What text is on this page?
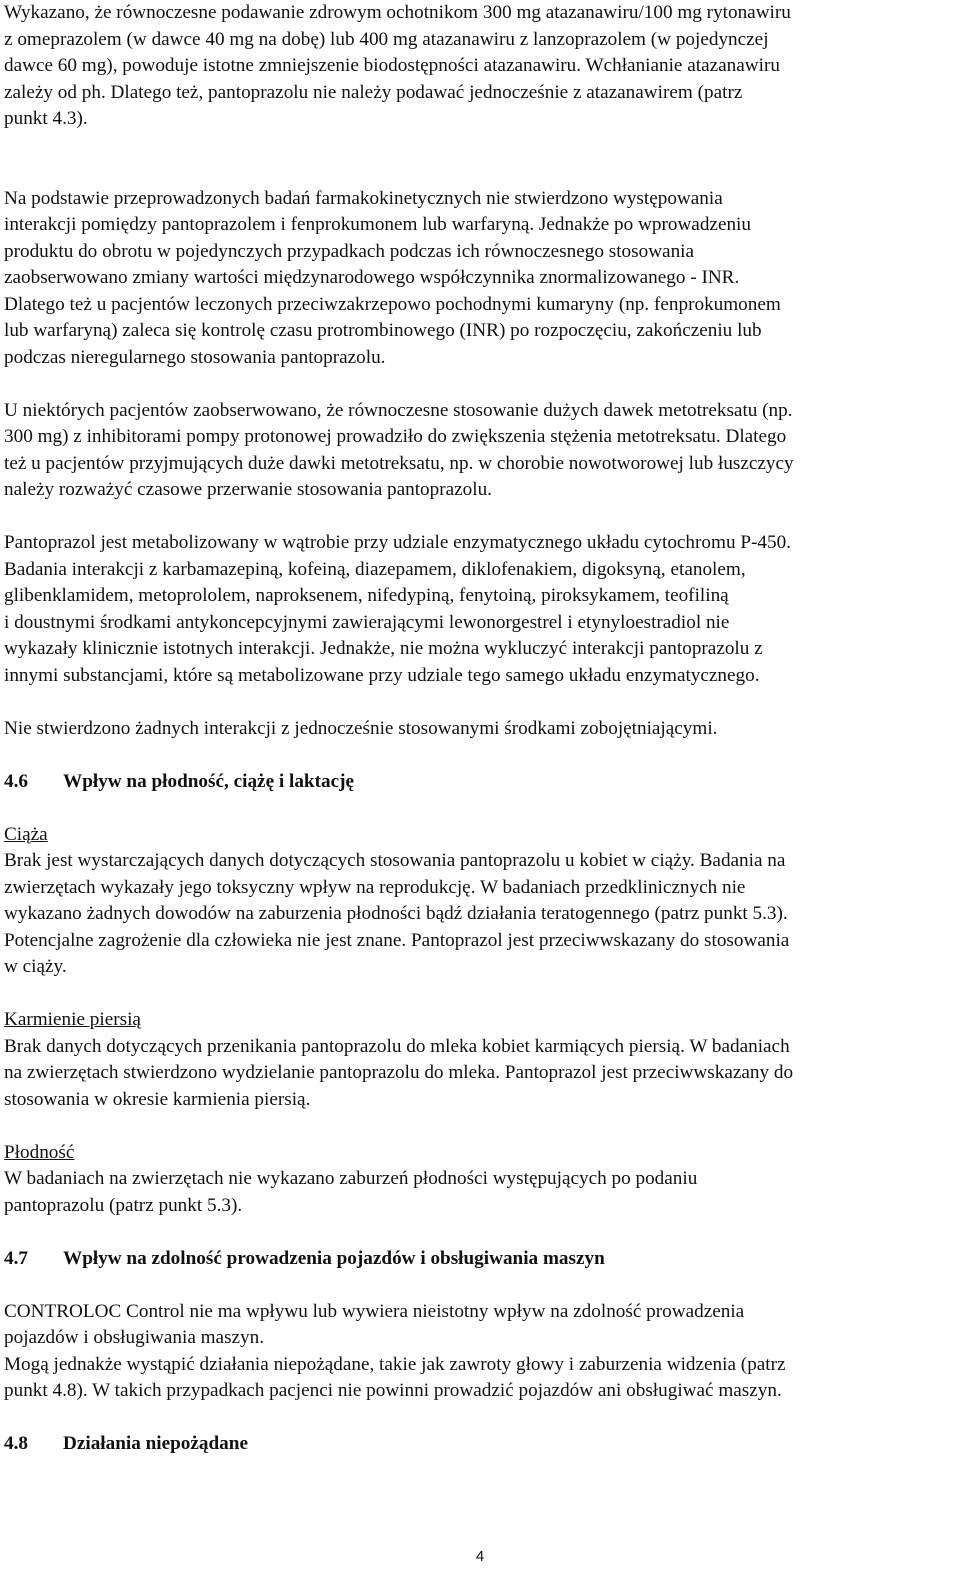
Wykazano, że równoczesne podawanie zdrowym ochotnikom 300 mg atazanawiru/100 mg rytonawiru
z omeprazolem (w dawce 40 mg na dobę) lub 400 mg atazanawiru z lanzoprazolem (w pojedynczej
dawce 60 mg), powoduje istotne zmniejszenie biodostępności atazanawiru. Wchłanianie atazanawiru
zależy od ph. Dlatego też, pantoprazolu nie należy podawać jednocześnie z atazanawirem (patrz
punkt 4.3).
Na podstawie przeprowadzonych badań farmakokinetycznych nie stwierdzono występowania
interakcji pomiędzy pantoprazolem i fenprokumonem lub warfaryną. Jednakże po wprowadzeniu
produktu do obrotu w pojedynczych przypadkach podczas ich równoczesnego stosowania
zaobserwowano zmiany wartości międzynarodowego współczynnika znormalizowanego - INR.
Dlatego też u pacjentów leczonych przeciwzakrzepowo pochodnymi kumaryny (np. fenprokumonem
lub warfaryną) zaleca się kontrolę czasu protrombinowego (INR) po rozpoczęciu, zakończeniu lub
podczas nieregularnego stosowania pantoprazolu.
U niektórych pacjentów zaobserwowano, że równoczesne stosowanie dużych dawek metotreksatu (np.
300 mg) z inhibitorami pompy protonowej prowadziło do zwiększenia stężenia metotreksatu. Dlatego
też u pacjentów przyjmujących duże dawki metotreksatu, np. w chorobie nowotworowej lub łuszczycy
należy rozważyć czasowe przerwanie stosowania pantoprazolu.
Pantoprazol jest metabolizowany w wątrobie przy udziale enzymatycznego układu cytochromu P-450.
Badania interakcji z karbamazepiną, kofeiną, diazepamem, diklofenakiem, digoksyną, etanolem,
glibenklamidem, metoprololem, naproksenem, nifedypiną, fenytoiną, piroksykamem, teofiliną
i doustnymi środkami antykoncepcyjnymi zawierającymi lewonorgestrel i etynyloestradiol nie
wykazały klinicznie istotnych interakcji. Jednakże, nie można wykluczyć interakcji pantoprazolu z
innymi substancjami, które są metabolizowane przy udziale tego samego układu enzymatycznego.
Nie stwierdzono żadnych interakcji z jednocześnie stosowanymi środkami zobojętniającymi.
4.6 Wpływ na płodność, ciążę i laktację
Ciąża
Brak jest wystarczających danych dotyczących stosowania pantoprazolu u kobiet w ciąży. Badania na
zwierzętach wykazały jego toksyczny wpływ na reprodukcję. W badaniach przedklinicznych nie
wykazano żadnych dowodów na zaburzenia płodności bądź działania teratogennego (patrz punkt 5.3).
Potencjalne zagrożenie dla człowieka nie jest znane. Pantoprazol jest przeciwwskazany do stosowania
w ciąży.
Karmienie piersią
Brak danych dotyczących przenikania pantoprazolu do mleka kobiet karmiących piersią. W badaniach
na zwierzętach stwierdzono wydzielanie pantoprazolu do mleka. Pantoprazol jest przeciwwskazany do
stosowania w okresie karmienia piersią.
Płodność
W badaniach na zwierzętach nie wykazano zaburzeń płodności występujących po podaniu
pantoprazolu (patrz punkt 5.3).
4.7 Wpływ na zdolność prowadzenia pojazdów i obsługiwania maszyn
CONTROLOC Control nie ma wpływu lub wywiera nieistotny wpływ na zdolność prowadzenia
pojazdów i obsługiwania maszyn.
Mogą jednakże wystąpić działania niepożądane, takie jak zawroty głowy i zaburzenia widzenia (patrz
punkt 4.8). W takich przypadkach pacjenci nie powinni prowadzić pojazdów ani obsługiwać maszyn.
4.8 Działania niepożądane
4
